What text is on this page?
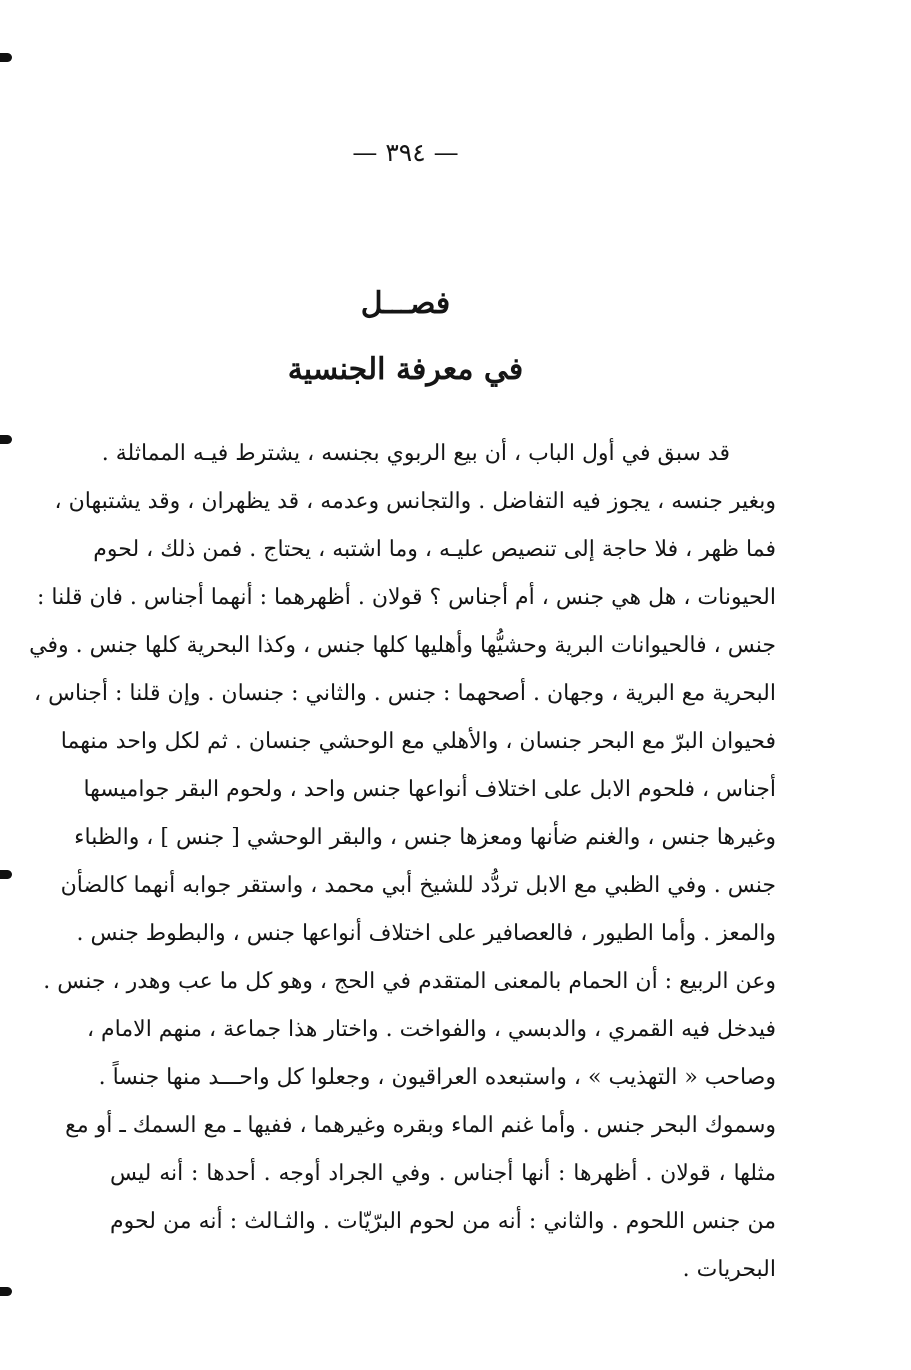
— ٣٩٤ —
فصـــل
في معرفة الجنسية
قد سبق في أول الباب ، أن بيع الربوي بجنسه ، يشترط فيـه المماثلة .
وبغير جنسه ، يجوز فيه التفاضل . والتجانس وعدمه ، قد يظهران ، وقد يشتبهان ،
فما ظهر ، فلا حاجة إلى تنصيص عليـه ، وما اشتبه ، يحتاج . فمن ذلك ، لحوم
الحيونات ، هل هي جنس ، أم أجناس ؟ قولان . أظهرهما : أنهما أجناس . فان قلنا :
جنس ، فالحيوانات البرية وحشيُّها وأهليها كلها جنس ، وكذا البحرية كلها جنس . وفي
البحرية مع البرية ، وجهان . أصحهما : جنس . والثاني : جنسان . وإن قلنا : أجناس ،
فحيوان البرّ مع البحر جنسان ، والأهلي مع الوحشي جنسان . ثم لكل واحد منهما
أجناس ، فلحوم الابل على اختلاف أنواعها جنس واحد ، ولحوم البقر جواميسها
وغيرها جنس ، والغنم ضأنها ومعزها جنس ، والبقر الوحشي [ جنس ] ، والظباء
جنس . وفي الظبي مع الابل تردُّد للشيخ أبي محمد ، واستقر جوابه أنهما كالضأن
والمعز . وأما الطيور ، فالعصافير على اختلاف أنواعها جنس ، والبطوط جنس .
وعن الربيع : أن الحمام بالمعنى المتقدم في الحج ، وهو كل ما عب وهدر ، جنس .
فيدخل فيه القمري ، والدبسي ، والفواخت . واختار هذا جماعة ، منهم الامام ،
وصاحب « التهذيب » ، واستبعده العراقيون ، وجعلوا كل واحـــد منها جنساً .
وسموك البحر جنس . وأما غنم الماء وبقره وغيرهما ، ففيها ـ مع السمك ـ أو مع
مثلها ، قولان . أظهرها : أنها أجناس . وفي الجراد أوجه . أحدها : أنه ليس
من جنس اللحوم . والثاني : أنه من لحوم البرّيّات . والثـالث : أنه من لحوم
البحريات .
